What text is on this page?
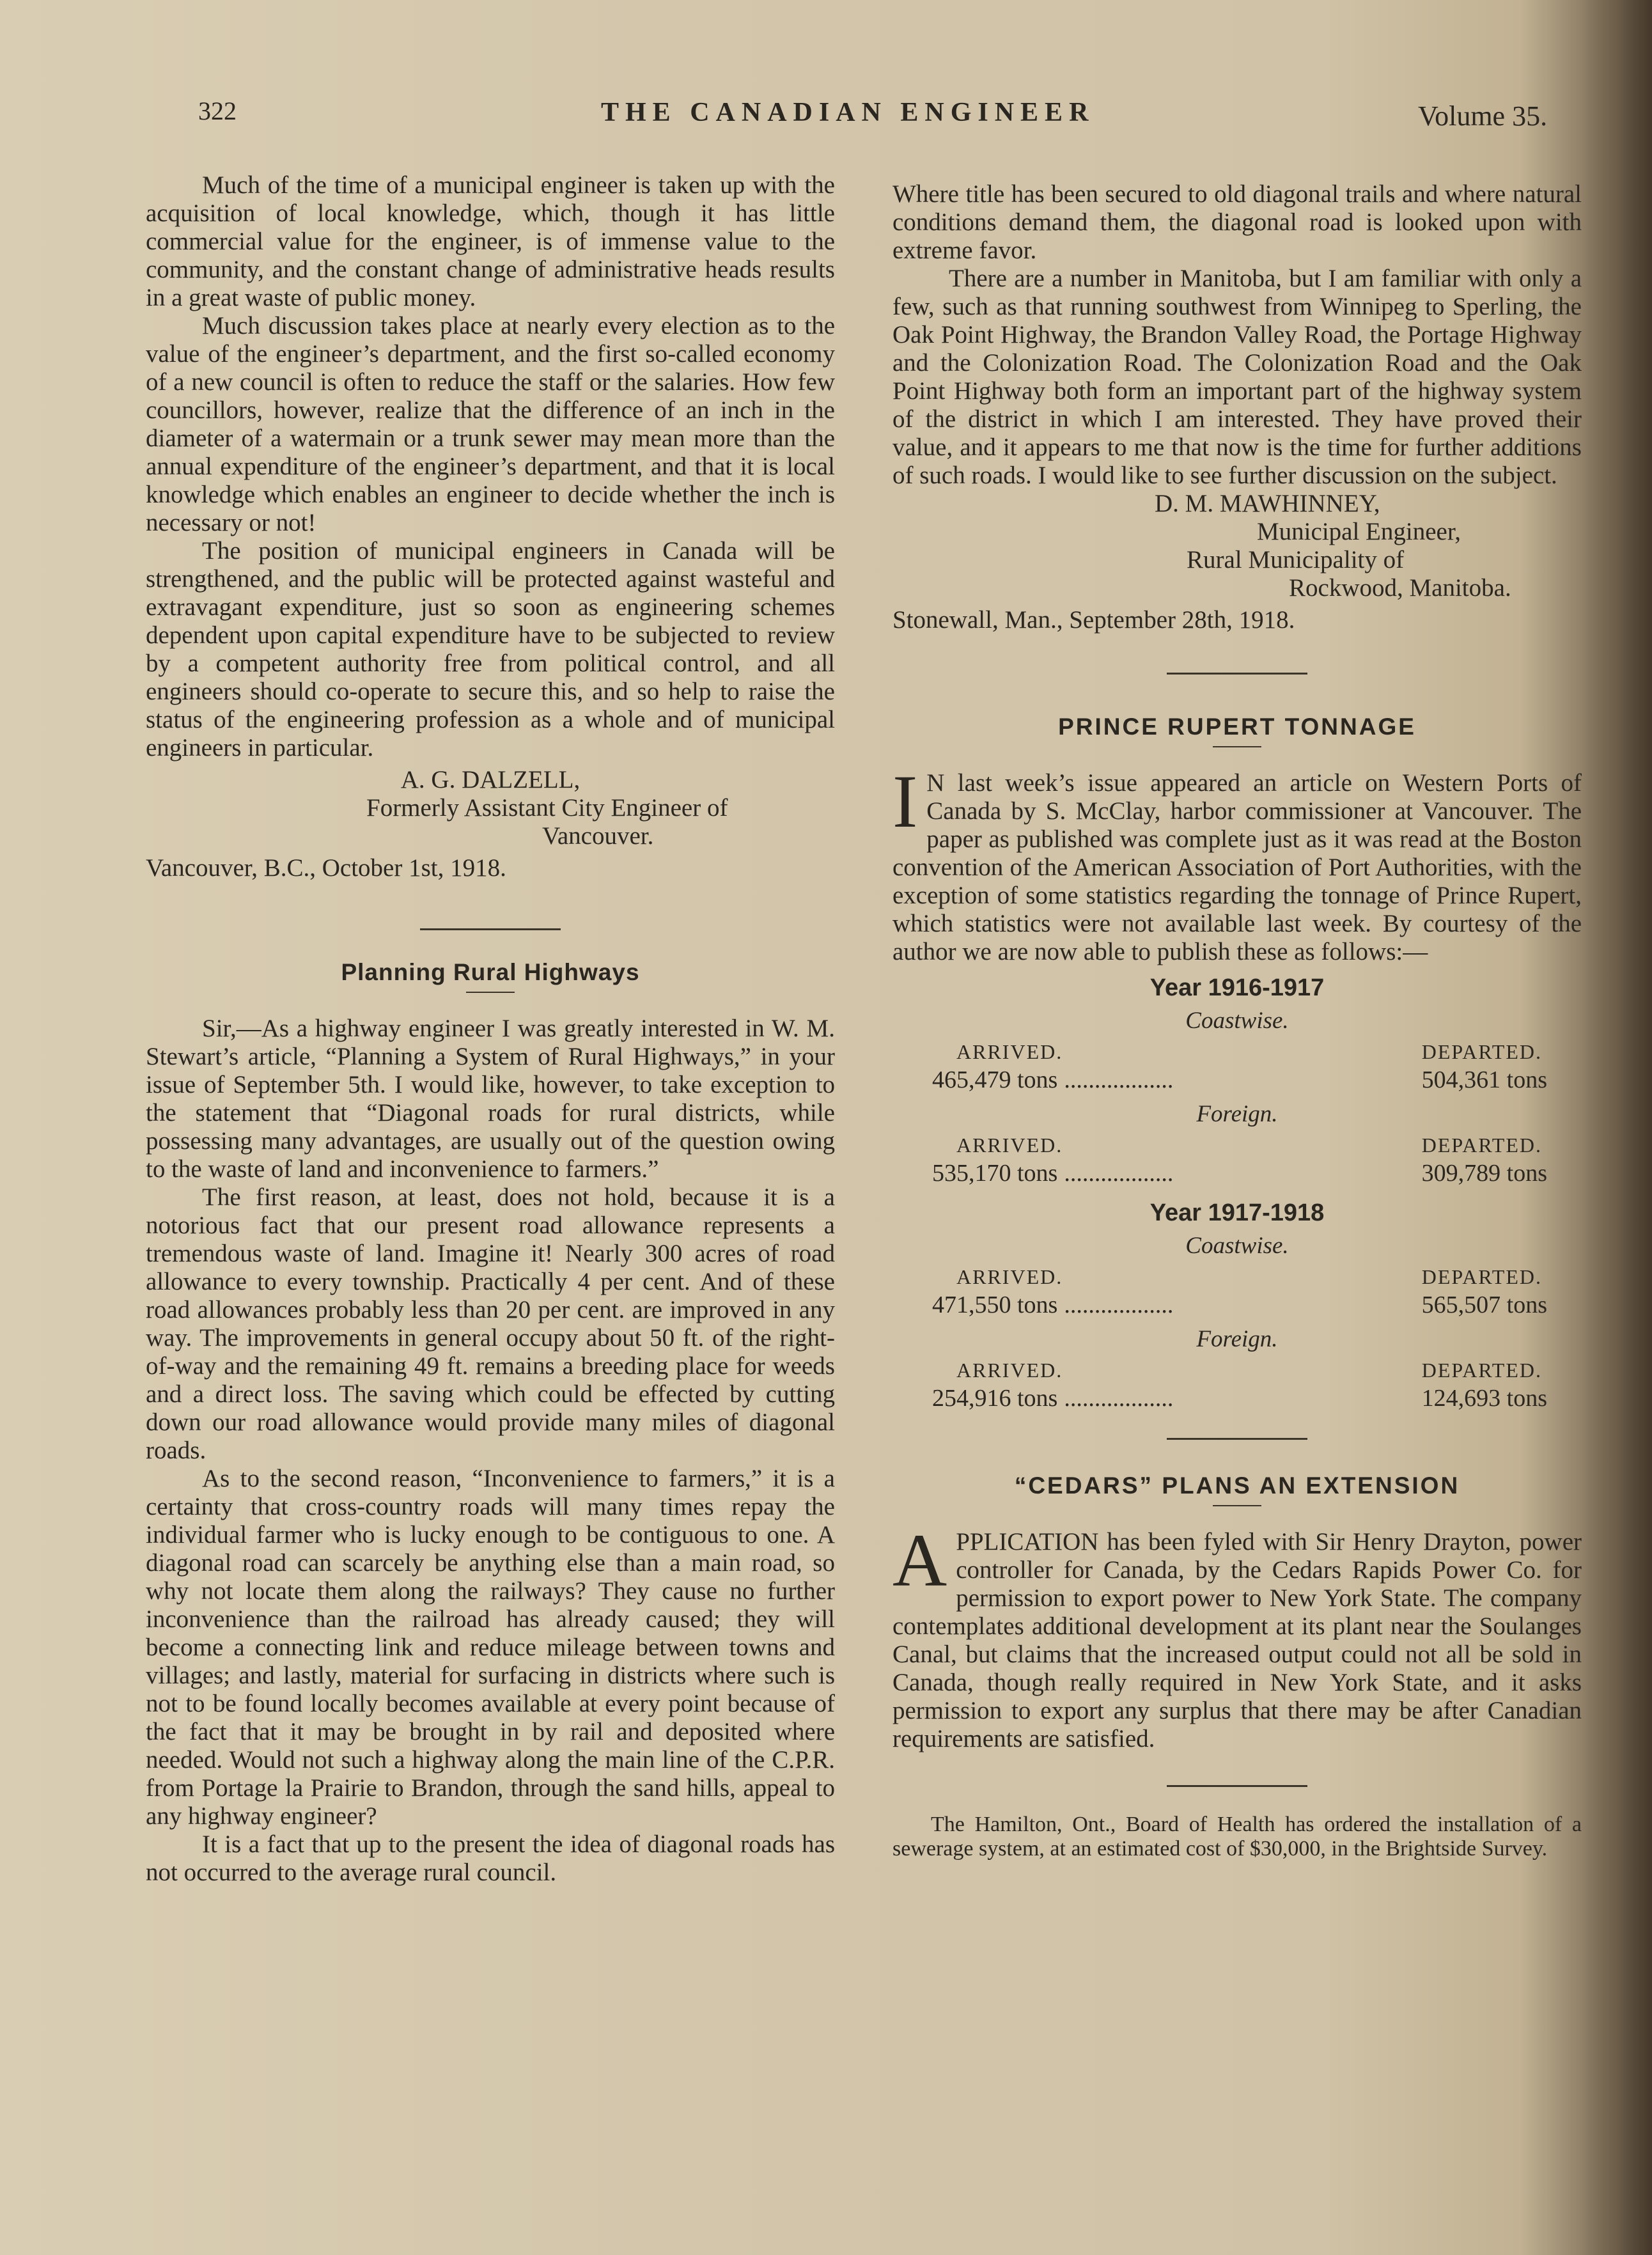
322	THE CANADIAN ENGINEER	Volume 35.

Much of the time of a municipal engineer is taken up with the acquisition of local knowledge, which, though it has little commercial value for the engineer, is of immense value to the community, and the constant change of administrative heads results in a great waste of public money.

Much discussion takes place at nearly every election as to the value of the engineer’s department, and the first so-called economy of a new council is often to reduce the staff or the salaries. How few councillors, however, realize that the difference of an inch in the diameter of a watermain or a trunk sewer may mean more than the annual expenditure of the engineer’s department, and that it is local knowledge which enables an engineer to decide whether the inch is necessary or not!

The position of municipal engineers in Canada will be strengthened, and the public will be protected against wasteful and extravagant expenditure, just so soon as engineering schemes dependent upon capital expenditure have to be subjected to review by a competent authority free from political control, and all engineers should co-operate to secure this, and so help to raise the status of the engineering profession as a whole and of municipal engineers in particular.

A. G. DALZELL,
Formerly Assistant City Engineer of
Vancouver.
Vancouver, B.C., October 1st, 1918.
Planning Rural Highways

Sir,—As a highway engineer I was greatly interested in W. M. Stewart’s article, “Planning a System of Rural Highways,” in your issue of September 5th. I would like, however, to take exception to the statement that “Diagonal roads for rural districts, while possessing many advantages, are usually out of the question owing to the waste of land and inconvenience to farmers.”

The first reason, at least, does not hold, because it is a notorious fact that our present road allowance represents a tremendous waste of land. Imagine it! Nearly 300 acres of road allowance to every township. Practically 4 per cent. And of these road allowances probably less than 20 per cent. are improved in any way. The improvements in general occupy about 50 ft. of the right-of-way and the remaining 49 ft. remains a breeding place for weeds and a direct loss. The saving which could be effected by cutting down our road allowance would provide many miles of diagonal roads.

As to the second reason, “Inconvenience to farmers,” it is a certainty that cross-country roads will many times repay the individual farmer who is lucky enough to be contiguous to one. A diagonal road can scarcely be anything else than a main road, so why not locate them along the railways? They cause no further inconvenience than the railroad has already caused; they will become a connecting link and reduce mileage between towns and villages; and lastly, material for surfacing in districts where such is not to be found locally becomes available at every point because of the fact that it may be brought in by rail and deposited where needed. Would not such a highway along the main line of the C.P.R. from Portage la Prairie to Brandon, through the sand hills, appeal to any highway engineer?

It is a fact that up to the present the idea of diagonal roads has not occurred to the average rural council.

Where title has been secured to old diagonal trails and where natural conditions demand them, the diagonal road is looked upon with extreme favor.

There are a number in Manitoba, but I am familiar with only a few, such as that running southwest from Winnipeg to Sperling, the Oak Point Highway, the Brandon Valley Road, the Portage Highway and the Colonization Road. The Colonization Road and the Oak Point Highway both form an important part of the highway system of the district in which I am interested. They have proved their value, and it appears to me that now is the time for further additions of such roads. I would like to see further discussion on the subject.

D. M. MAWHINNEY,
Municipal Engineer,
Rural Municipality of
Rockwood, Manitoba.
Stonewall, Man., September 28th, 1918.
PRINCE RUPERT TONNAGE

I N last week’s issue appeared an article on Western Ports of Canada by S. McClay, harbor commissioner at Vancouver. The paper as published was complete just as it was read at the Boston convention of the American Association of Port Authorities, with the exception of some statistics regarding the tonnage of Prince Rupert, which statistics were not available last week. By courtesy of the author we are now able to publish these as follows:—

Year 1916-1917
Coastwise.
ARRIVED.	DEPARTED.
465,479 tons ..................	504,361 tons
Foreign.
ARRIVED.	DEPARTED.
535,170 tons ..................	309,789 tons
Year 1917-1918
Coastwise.
ARRIVED.	DEPARTED.
471,550 tons ..................	565,507 tons
Foreign.
ARRIVED.	DEPARTED.
254,916 tons ..................	124,693 tons
“CEDARS” PLANS AN EXTENSION

APPLICATION has been fyled with Sir Henry Drayton, power controller for Canada, by the Cedars Rapids Power Co. for permission to export power to New York State. The company contemplates additional development at its plant near the Soulanges Canal, but claims that the increased output could not all be sold in Canada, though really required in New York State, and it asks permission to export any surplus that there may be after Canadian requirements are satisfied.

The Hamilton, Ont., Board of Health has ordered the installation of a sewerage system, at an estimated cost of $30,000, in the Brightside Survey.
